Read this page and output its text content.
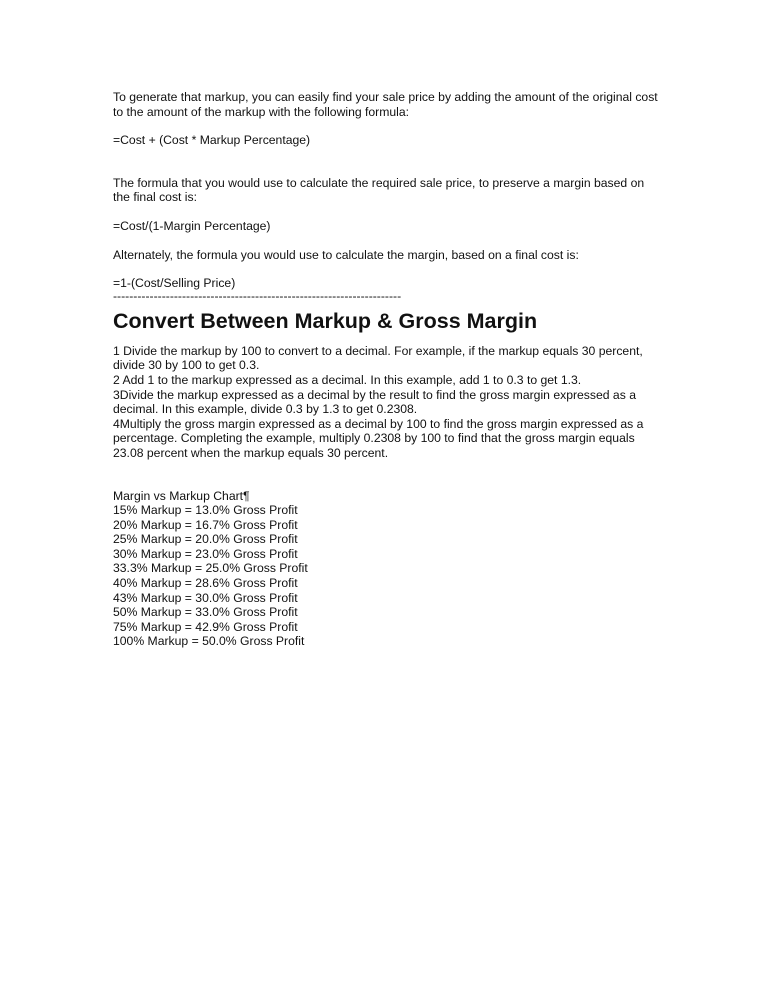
To generate that markup, you can easily find your sale price by adding the amount of the original cost to the amount of the markup with the following formula:

=Cost + (Cost * Markup Percentage)

The formula that you would use to calculate the required sale price, to preserve a margin based on the final cost is:

=Cost/(1-Margin Percentage)

Alternately, the formula you would use to calculate the margin, based on a final cost is:

=1-(Cost/Selling Price)

-----------------------------------------------------------------------

Convert Between Markup & Gross Margin

1 Divide the markup by 100 to convert to a decimal. For example, if the markup equals 30 percent, divide 30 by 100 to get 0.3.

2 Add 1 to the markup expressed as a decimal. In this example, add 1 to 0.3 to get 1.3.

3Divide the markup expressed as a decimal by the result to find the gross margin expressed as a decimal. In this example, divide 0.3 by 1.3 to get 0.2308.

4Multiply the gross margin expressed as a decimal by 100 to find the gross margin expressed as a percentage. Completing the example, multiply 0.2308 by 100 to find that the gross margin equals 23.08 percent when the markup equals 30 percent.

Margin vs Markup Chart¶

15% Markup = 13.0% Gross Profit

20% Markup = 16.7% Gross Profit

25% Markup = 20.0% Gross Profit

30% Markup = 23.0% Gross Profit

33.3% Markup = 25.0% Gross Profit

40% Markup = 28.6% Gross Profit

43% Markup = 30.0% Gross Profit

50% Markup = 33.0% Gross Profit

75% Markup = 42.9% Gross Profit

100% Markup = 50.0% Gross Profit
